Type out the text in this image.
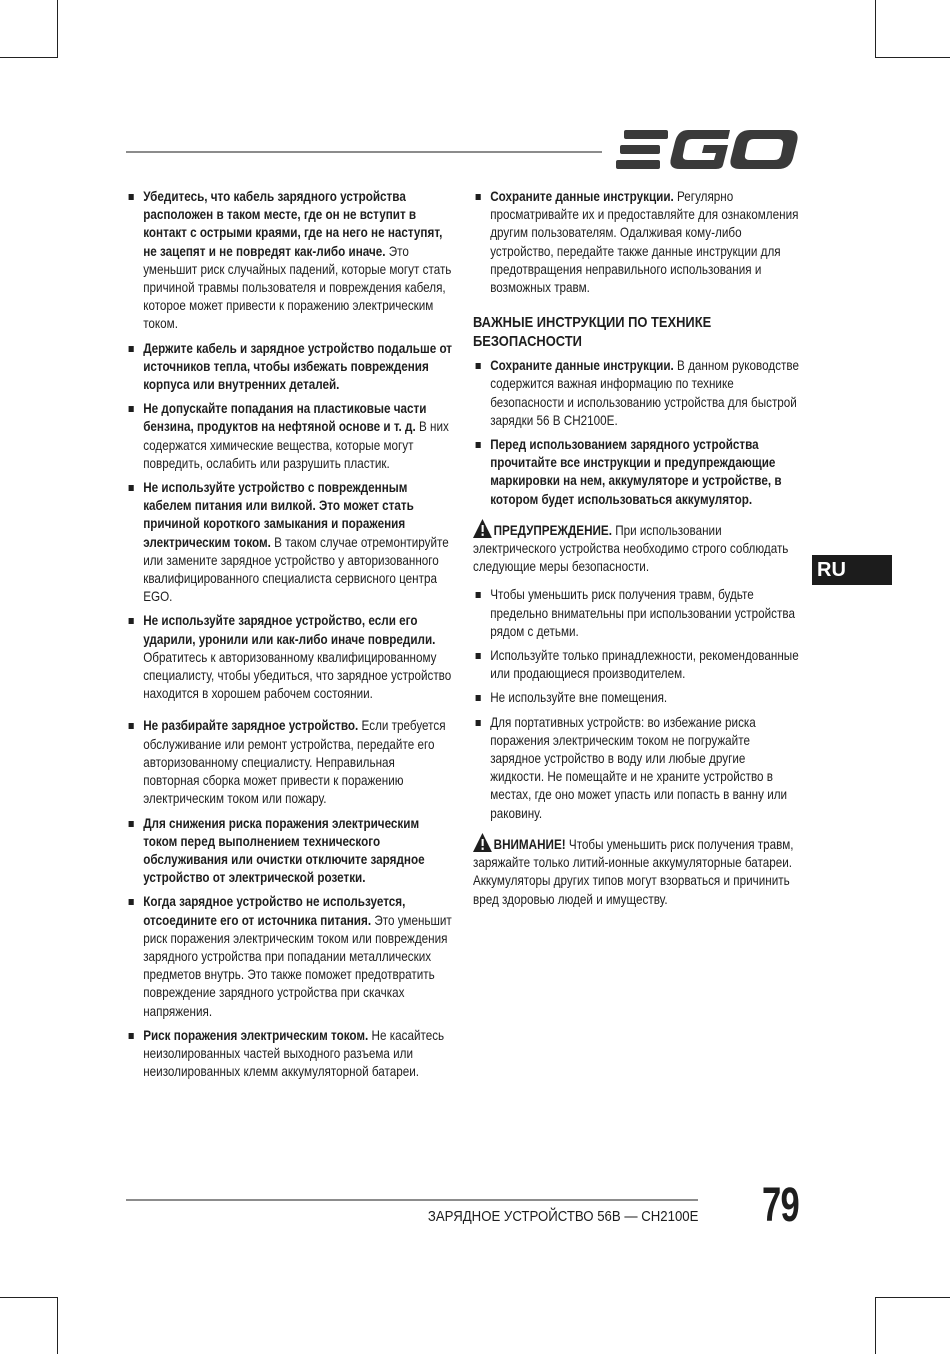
Убедитесь, что кабель зарядного устройства расположен в таком месте, где он не вступит в контакт с острыми краями, где на него не наступят, не зацепят и не повредят как-либо иначе. Это уменьшит риск случайных падений, которые могут стать причиной травмы пользователя и повреждения кабеля, которое может привести к поражению электрическим током.
Держите кабель и зарядное устройство подальше от источников тепла, чтобы избежать повреждения корпуса или внутренних деталей.
Не допускайте попадания на пластиковые части бензина, продуктов на нефтяной основе и т. д. В них содержатся химические вещества, которые могут повредить, ослабить или разрушить пластик.
Не используйте устройство с поврежденным кабелем питания или вилкой. Это может стать причиной короткого замыкания и поражения электрическим током. В таком случае отремонтируйте или замените зарядное устройство у авторизованного квалифицированного специалиста сервисного центра EGO.
Не используйте зарядное устройство, если его ударили, уронили или как-либо иначе повредили. Обратитесь к авторизованному квалифицированному специалисту, чтобы убедиться, что зарядное устройство находится в хорошем рабочем состоянии.
Не разбирайте зарядное устройство. Если требуется обслуживание или ремонт устройства, передайте его авторизованному специалисту. Неправильная повторная сборка может привести к поражению электрическим током или пожару.
Для снижения риска поражения электрическим током перед выполнением технического обслуживания или очистки отключите зарядное устройство от электрической розетки.
Когда зарядное устройство не используется, отсоедините его от источника питания. Это уменьшит риск поражения электрическим током или повреждения зарядного устройства при попадании металлических предметов внутрь. Это также поможет предотвратить повреждение зарядного устройства при скачках напряжения.
Риск поражения электрическим током. Не касайтесь неизолированных частей выходного разъема или неизолированных клемм аккумуляторной батареи.
Сохраните данные инструкции. Регулярно просматривайте их и предоставляйте для ознакомления другим пользователям. Одалживая кому-либо устройство, передайте также данные инструкции для предотвращения неправильного использования и возможных травм.
ВАЖНЫЕ ИНСТРУКЦИИ ПО ТЕХНИКЕ БЕЗОПАСНОСТИ
Сохраните данные инструкции. В данном руководстве содержится важная информацию по технике безопасности и использованию устройства для быстрой зарядки 56 В CH2100E.
Перед использованием зарядного устройства прочитайте все инструкции и предупреждающие маркировки на нем, аккумуляторе и устройстве, в котором будет использоваться аккумулятор.
ПРЕДУПРЕЖДЕНИЕ. При использовании электрического устройства необходимо строго соблюдать следующие меры безопасности.
Чтобы уменьшить риск получения травм, будьте предельно внимательны при использовании устройства рядом с детьми.
Используйте только принадлежности, рекомендованные или продающиеся производителем.
Не используйте вне помещения.
Для портативных устройств: во избежание риска поражения электрическим током не погружайте зарядное устройство в воду или любые другие жидкости. Не помещайте и не храните устройство в местах, где оно может упасть или попасть в ванну или раковину.
ВНИМАНИЕ! Чтобы уменьшить риск получения травм, заряжайте только литий-ионные аккумуляторные батареи. Аккумуляторы других типов могут взорваться и причинить вред здоровью людей и имуществу.
RU
ЗАРЯДНОЕ УСТРОЙСТВО 56В — CH2100E 79
